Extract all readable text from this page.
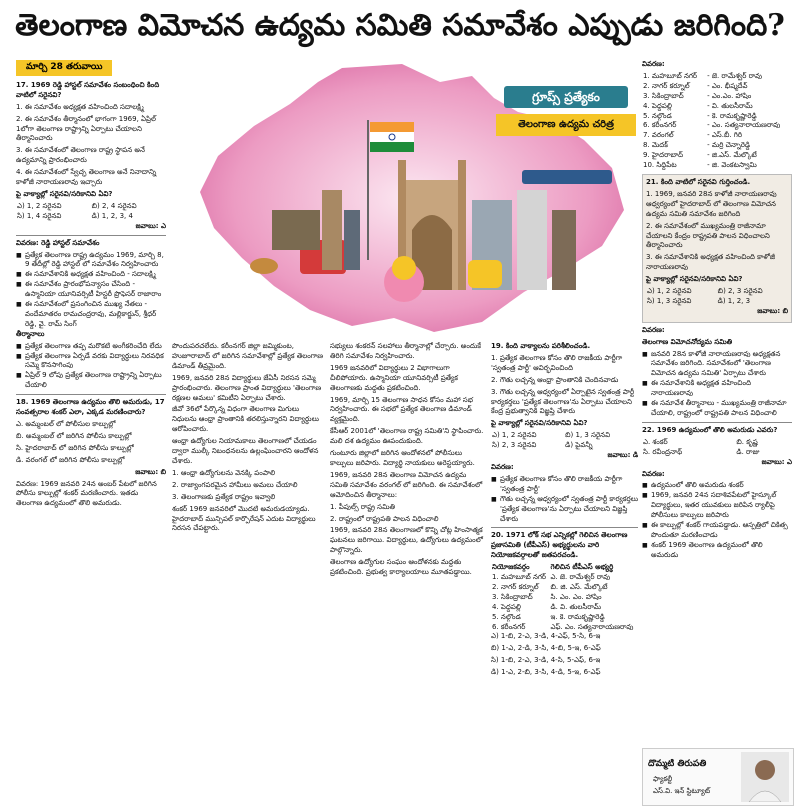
తెలంగాణ విమోచన ఉద్యమ సమితి సమావేశం ఎప్పుడు జరిగింది?
మార్చి 28 తరువాయి

17. 1969 రెడ్డి హాస్టల్ సమావేశం సంబంధించి కింది వాటిలో సరైనవి?

1. ఈ సమావేశం అధ్యక్షత వహించింది సదాలక్ష్మి

2. ఈ సమావేశం తీర్మానంలో భాగంగా 1969, ఏప్రిల్ 1లోగా తెలంగాణ రాష్ట్రాన్ని ఏర్పాటు చేయాలని తీర్మానించారు

3. ఈ సమావేశంలో తెలంగాణ రాష్ట్ర స్థాపన అనే ఉద్యమాన్ని ప్రారంభించారు

4. ఈ సమావేశంలో స్వేచ్ఛ తెలంగాణ అనే నినాదాన్ని కాళోజీ నారాయణరావు ఇచ్చారు

పై వాక్యాల్లో సరైనవి/సరికానివి ఏవి?

ఎ) 1, 2 సరైనవి	బి) 2, 4 సరైనవి
సి) 1, 4 సరైనవి	డి) 1, 2, 3, 4

జవాబు: ఎ

వివరణ: రెడ్డి హాస్టల్ సమావేశం

■ ప్రత్యేక తెలంగాణ రాష్ట్ర ఉద్యమం 1969, మార్చి 8, 9 తేదీల్లో రెడ్డి హాస్టల్ లో సమావేశం నిర్వహించారు
■ ఈ సమావేశానికి అధ్యక్షత వహించింది - సదాలక్ష్మి
■ ఈ సమావేశం ప్రారంభోపన్యాసం చేసింది - ఉస్మానియా యూనివర్సిటీ హిస్టరీ ప్రొఫెసర్ రాజారాం
■ ఈ సమావేశంలో ప్రసంగించిన ముఖ్య నేతలు - వందేమాతరం రామచంద్రరావు, మల్లికార్జున్, శ్రీధర్ రెడ్డి, వై. రామ్ సింగ్

తీర్మానాలు

■ ప్రత్యేక తెలంగాణ తప్ప మరొకటి అంగీకరించేది లేదు
■ ప్రత్యేక తెలంగాణ ఏర్పడే వరకు విద్యార్థులు నిరవధిక సమ్మె కొనసాగింపు
■ ఏప్రిల్ 9 లోపు ప్రత్యేక తెలంగాణ రాష్ట్రాన్ని ఏర్పాటు చేయాలి

18. 1969 తెలంగాణ ఉద్యమం తొలి అమరుడు, 17 సంవత్సరాల శంకర్ ఎలా, ఎక్కడ మరణించారు?

ఎ. అమ్మంబల్ లో పోలీసుల కాల్పుల్లో

బి. అమ్మంబల్ లో జరిగిన పోలీసు కాల్పుల్లో

సి. హైదరాబాద్ లో జరిగిన పోలీసు కాల్పుల్లో

డి. వరంగల్ లో జరిగిన పోలీసు కాల్పుల్లో

జవాబు: బి

వివరణ: 1969 జనవరి 24న అంబర్ పేటలో జరిగిన పోలీసు కాల్పుల్లో శంకర్ మరణించారు. ఇతడు తెలంగాణ ఉద్యమంలో తొలి అమరుడు.

గ్రూప్స్ ప్రత్యేకం
తెలంగాణ ఉద్యమ చరిత్ర

పొందుపరచలేదు. కరీంనగర్ జిల్లా జమ్మికుంట, హుజూరాబాద్ లో జరిగిన సమావేశాల్లో ప్రత్యేక తెలంగాణ డిమాండ్ తీవ్రమైంది.

1969, జనవరి 28న విద్యార్థులు జేఏసీ నిరసన సమ్మె ప్రారంభించారు. తెలంగాణ ప్రాంత విద్యార్థులు 'తెలంగాణ రక్షణల అమలు' కమిటీని ఏర్పాటు చేశారు.

జీవో 36లో పేర్కొన్న విధంగా తెలంగాణ మిగులు నిధులను ఆంధ్రా ప్రాంతానికి తరలిస్తున్నారని విద్యార్థులు ఆరోపించారు.

ఆంధ్రా ఉద్యోగుల నియామకాలు తెలంగాణలో చేయడం ద్వారా ముల్కీ నిబంధనలను ఉల్లంఘించారని ఆందోళన చేశారు.

1. ఆంధ్రా ఉద్యోగులను వెనక్కి పంపాలి

2. రాజ్యాంగపరమైన హామీలు అమలు చేయాలి

3. తెలంగాణకు ప్రత్యేక రాష్ట్రం ఇవ్వాలి

శంకర్ 1969 జనవరిలో మొదటి అమరుడయ్యాడు. హైదరాబాద్ మున్సిపల్ కార్పొరేషన్ ఎదుట విద్యార్థులు నిరసన చేపట్టారు.

సభ్యులు శంకరన్ సలహాలు తీర్మానాల్లో చేర్చారు. అందుకే తిరిగి సమావేశం నిర్వహించారు.

1969 జనవరిలో విద్యార్థులు 2 విభాగాలుగా చీలిపోయారు. ఉస్మానియా యూనివర్సిటీ ప్రత్యేక తెలంగాణకు మద్దతు ప్రకటించింది.

1969, మార్చి 15 తెలంగాణ సాధన కోసం మహా సభ నిర్వహించారు. ఈ సభలో ప్రత్యేక తెలంగాణ డిమాండ్ వ్యక్తమైంది.

కేసీఆర్ 2001లో 'తెలంగాణ రాష్ట్ర సమితి'ని స్థాపించారు. మలి దశ ఉద్యమం ఊపందుకుంది.

గుంటూరు జిల్లాలో జరిగిన ఆందోళనలో పోలీసులు కాల్పులు జరిపారు. విద్యార్థి నాయకులు అరెస్టయ్యారు.

1969, జనవరి 28న తెలంగాణ విమోచన ఉద్యమ సమితి సమావేశం వరంగల్ లో జరిగింది. ఈ సమావేశంలో ఆమోదించిన తీర్మానాలు:

1. పీపుల్స్ రాష్ట్ర సమితి

2. రాష్ట్రంలో రాష్ట్రపతి పాలన విధించాలి

1969, జనవరి 28న తెలంగాణలో కొన్ని చోట్ల హింసాత్మక ఘటనలు జరిగాయి. విద్యార్థులు, ఉద్యోగులు ఉద్యమంలో పాల్గొన్నారు.

తెలంగాణ ఉద్యోగుల సంఘం ఆందోళనకు మద్దతు ప్రకటించింది. ప్రభుత్వ కార్యాలయాలు మూతపడ్డాయి.

19. కింది వాక్యాలను పరిశీలించండి.

1. ప్రత్యేక తెలంగాణ కోసం తొలి రాజకీయ పార్టీగా 'స్వతంత్ర పార్టీ' ఆవిర్భవించింది

2. గౌతు లచ్చన్న ఆంధ్రా ప్రాంతానికి చెందినవాడు

3. గౌతు లచ్చన్న ఆధ్వర్యంలో ఏర్పాటైన స్వతంత్ర పార్టీ కార్యకర్తలు 'ప్రత్యేక తెలంగాణ'ను ఏర్పాటు చేయాలని కేంద్ర ప్రభుత్వానికి విజ్ఞప్తి చేశారు

పై వాక్యాల్లో సరైనవి/సరికానివి ఏవి?

ఎ) 1, 2 సరైనవి	బి) 1, 3 సరైనవి
సి) 2, 3 సరైనవి	డి) పైవన్నీ

జవాబు: డి

వివరణ:

■ ప్రత్యేక తెలంగాణ కోసం తొలి రాజకీయ పార్టీగా 'స్వతంత్ర పార్టీ'
■ గౌతు లచ్చన్న ఆధ్వర్యంలో స్వతంత్ర పార్టీ కార్యకర్తలు 'ప్రత్యేక తెలంగాణ'ను ఏర్పాటు చేయాలని విజ్ఞప్తి చేశారు

20. 1971 లోక్ సభ ఎన్నికల్లో గెలిచిన తెలంగాణ ప్రజాసమితి (టీపీఎస్) అభ్యర్థులను వారి నియోజకవర్గాలతో జతపరచండి.

నియోజకవర్గం	గెలిచిన టీపీఎస్ అభ్యర్థి
1. మహబూబ్ నగర్	ఎ. జె. రామేశ్వర్ రావు
2. నాగర్ కర్నూల్	బి. జి. ఎస్. మేల్కొటే
3. సికింద్రాబాద్	సి. ఎం. ఎం. హాషిం
4. పెద్దపల్లి	డి. వి. తులసీరామ్
5. నల్గొండ	ఇ. కె. రామకృష్ణారెడ్డి
6. కరీంనగర్	ఎఫ్. ఎం. సత్యనారాయణరావు

ఎ) 1-బి, 2-ఎ, 3-డి, 4-ఎఫ్, 5-సి, 6-ఇ

బి) 1-ఎ, 2-డి, 3-సి, 4-బి, 5-ఇ, 6-ఎఫ్

సి) 1-బి, 2-ఎ, 3-డి, 4-సి, 5-ఎఫ్, 6-ఇ

డి) 1-ఎ, 2-బి, 3-సి, 4-డి, 5-ఇ, 6-ఎఫ్

వివరణ:

1. మహబూబ్ నగర్	- జె. రామేశ్వర్ రావు
2. నాగర్ కర్నూల్	- ఎం. భీష్మదేవ్
3. సికింద్రాబాద్	- ఎం.ఎం. హాషిం
4. పెద్దపల్లి	- వి. తులసీరామ్
5. నల్గొండ	- కె. రామకృష్ణారెడ్డి
6. కరీంనగర్	- ఎం. సత్యనారాయణరావు
7. వరంగల్	- ఎస్.బీ. గిరి
8. మెదక్	- మర్రి చెన్నారెడ్డి
9. హైదరాబాద్	- జి.ఎస్. మేల్కొటే
10. సిద్దిపేట	- జి. వెంకటస్వామి

21. కింది వాటిలో సరైనవి గుర్తించండి.

1. 1969, జనవరి 28న కాళోజీ నారాయణరావు ఆధ్వర్యంలో హైదరాబాద్ లో తెలంగాణ విమోచన ఉద్యమ సమితి సమావేశం జరిగింది

2. ఈ సమావేశంలో ముఖ్యమంత్రి రాజీనామా చేయాలని కేంద్రం రాష్ట్రపతి పాలన విధించాలని తీర్మానించారు

3. ఈ సమావేశానికి అధ్యక్షత వహించింది కాళోజీ నారాయణరావు

పై వాక్యాల్లో సరైనవి/సరికానివి ఏవి?

ఎ) 1, 2 సరైనవి	బి) 2, 3 సరైనవి
సి) 1, 3 సరైనవి	డి) 1, 2, 3

జవాబు: బి

వివరణ:

తెలంగాణ విమోచనోద్యమ సమితి

■ జనవరి 28న కాళోజీ నారాయణరావు అధ్యక్షతన సమావేశం జరిగింది. సమావేశంలో 'తెలంగాణ విమోచన ఉద్యమ సమితి' ఏర్పాటు చేశారు
■ ఈ సమావేశానికి అధ్యక్షత వహించింది నారాయణరావు
■ ఈ సమావేశ తీర్మానాలు - ముఖ్యమంత్రి రాజీనామా చేయాలి, రాష్ట్రంలో రాష్ట్రపతి పాలన విధించాలి

22. 1969 ఉద్యమంలో తొలి అమరుడు ఎవరు?

ఎ. శంకర్	బి. కృష్ణ
సి. రవీంద్రనాథ్	డి. రాజు

జవాబు: ఎ

వివరణ:

■ ఉద్యమంలో తొలి అమరుడు శంకర్
■ 1969, జనవరి 24న సదాశివపేటలో హైస్కూల్ విద్యార్థులు, ఇతర యువకులు జరిపిన ర్యాలీపై పోలీసులు కాల్పులు జరిపారు
■ ఈ కాల్పుల్లో శంకర్ గాయపడ్డాడు. ఆస్పత్రిలో చికిత్స పొందుతూ మరణించాడు
■ శంకర్ 1969 తెలంగాణ ఉద్యమంలో తొలి అమరుడు
దొమ్మటి తిరుపతి
ఫ్యాకల్టీ
ఎస్.వి. ఇన్ స్టిట్యూట్
